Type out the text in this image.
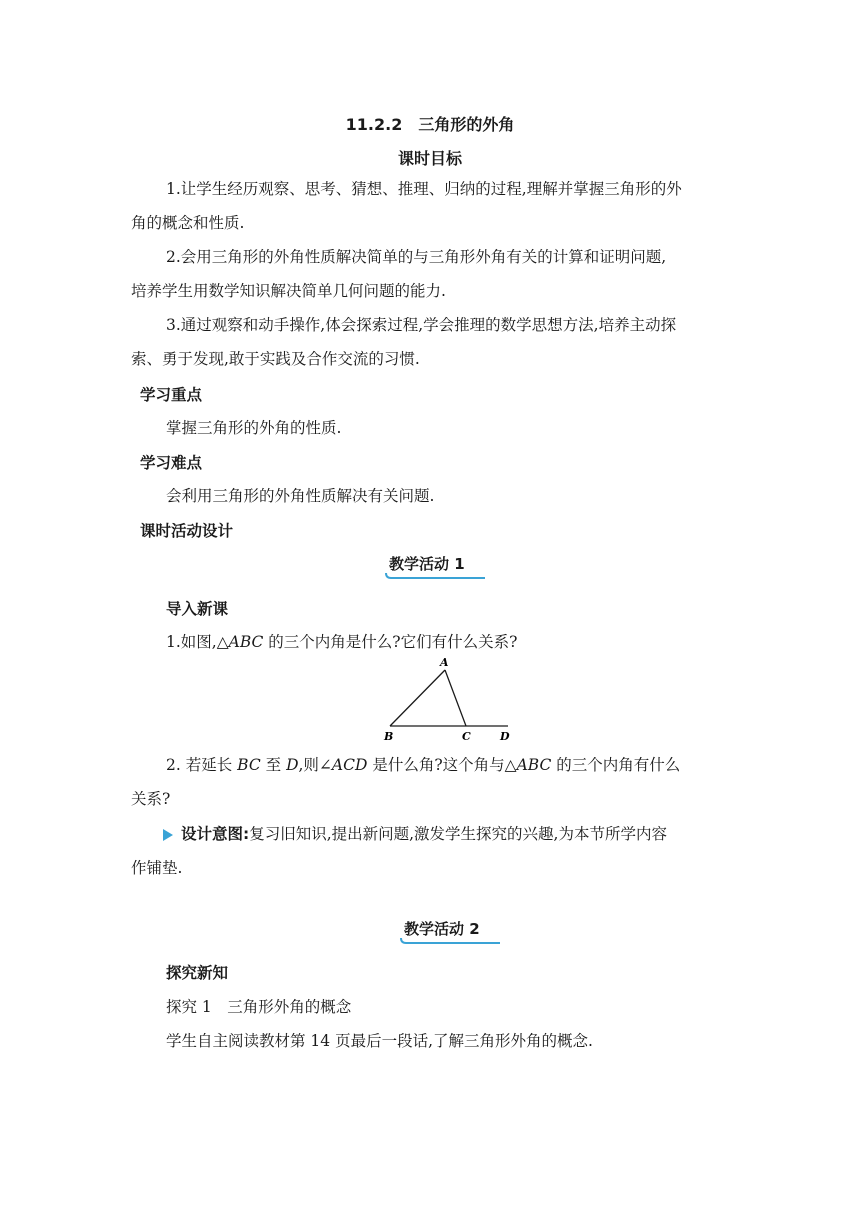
11.2.2　三角形的外角
课时目标
1.让学生经历观察、思考、猜想、推理、归纳的过程,理解并掌握三角形的外
角的概念和性质.
2.会用三角形的外角性质解决简单的与三角形外角有关的计算和证明问题,
培养学生用数学知识解决简单几何问题的能力.
3.通过观察和动手操作,体会探索过程,学会推理的数学思想方法,培养主动探
索、勇于发现,敢于实践及合作交流的习惯.
学习重点
掌握三角形的外角的性质.
学习难点
会利用三角形的外角性质解决有关问题.
课时活动设计
教学活动 1
导入新课
1.如图,△ABC 的三个内角是什么?它们有什么关系?
A
B	C	D
2. 若延长 BC 至 D,则∠ACD 是什么角?这个角与△ABC 的三个内角有什么
关系?
设计意图:复习旧知识,提出新问题,激发学生探究的兴趣,为本节所学内容
作铺垫.
教学活动 2
探究新知
探究 1　三角形外角的概念
学生自主阅读教材第 14 页最后一段话,了解三角形外角的概念.
